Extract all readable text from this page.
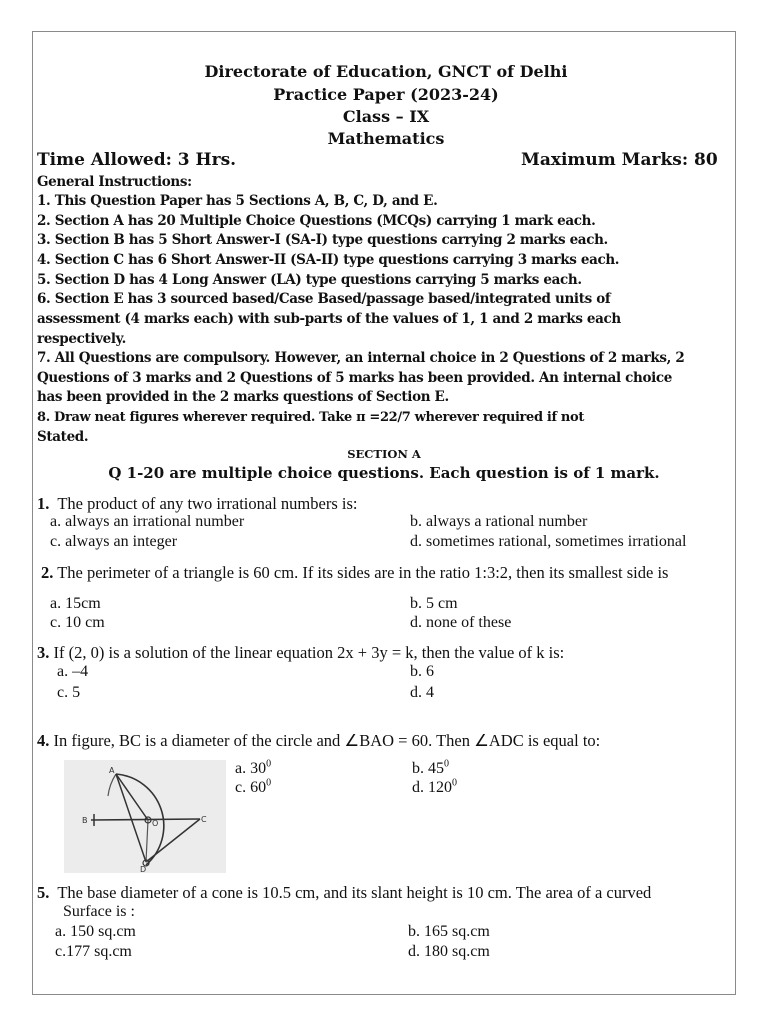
Directorate of Education, GNCT of Delhi
Practice Paper (2023-24)
Class – IX
Mathematics
Time Allowed: 3 Hrs.	Maximum Marks: 80
General Instructions:
1. This Question Paper has 5 Sections A, B, C, D, and E.
2. Section A has 20 Multiple Choice Questions (MCQs) carrying 1 mark each.
3. Section B has 5 Short Answer-I (SA-I) type questions carrying 2 marks each.
4. Section C has 6 Short Answer-II (SA-II) type questions carrying 3 marks each.
5. Section D has 4 Long Answer (LA) type questions carrying 5 marks each.
6. Section E has 3 sourced based/Case Based/passage based/integrated units of
assessment (4 marks each) with sub-parts of the values of 1, 1 and 2 marks each
respectively.
7. All Questions are compulsory. However, an internal choice in 2 Questions of 2 marks, 2
Questions of 3 marks and 2 Questions of 5 marks has been provided. An internal choice
has been provided in the 2 marks questions of Section E.
8. Draw neat figures wherever required. Take π =22/7 wherever required if not
Stated.
SECTION A
Q 1-20 are multiple choice questions. Each question is of 1 mark.
1. The product of any two irrational numbers is:
a. always an irrational number	b. always a rational number
c. always an integer	d. sometimes rational, sometimes irrational
2. The perimeter of a triangle is 60 cm. If its sides are in the ratio 1:3:2, then its smallest side is
a. 15cm	b. 5 cm
c. 10 cm	d. none of these
3. If (2, 0) is a solution of the linear equation 2x + 3y = k, then the value of k is:
a. –4	b. 6
c. 5	d. 4
4. In figure, BC is a diameter of the circle and ∠BAO = 60. Then ∠ADC is equal to:
A
B	C
O
D
a. $30^0$	b. $45^0$
c. $60^0$	d. $120^0$
5. The base diameter of a cone is 10.5 cm, and its slant height is 10 cm. The area of a curved
Surface is :
a. 150 sq.cm	b. 165 sq.cm
c.177 sq.cm	d. 180 sq.cm
